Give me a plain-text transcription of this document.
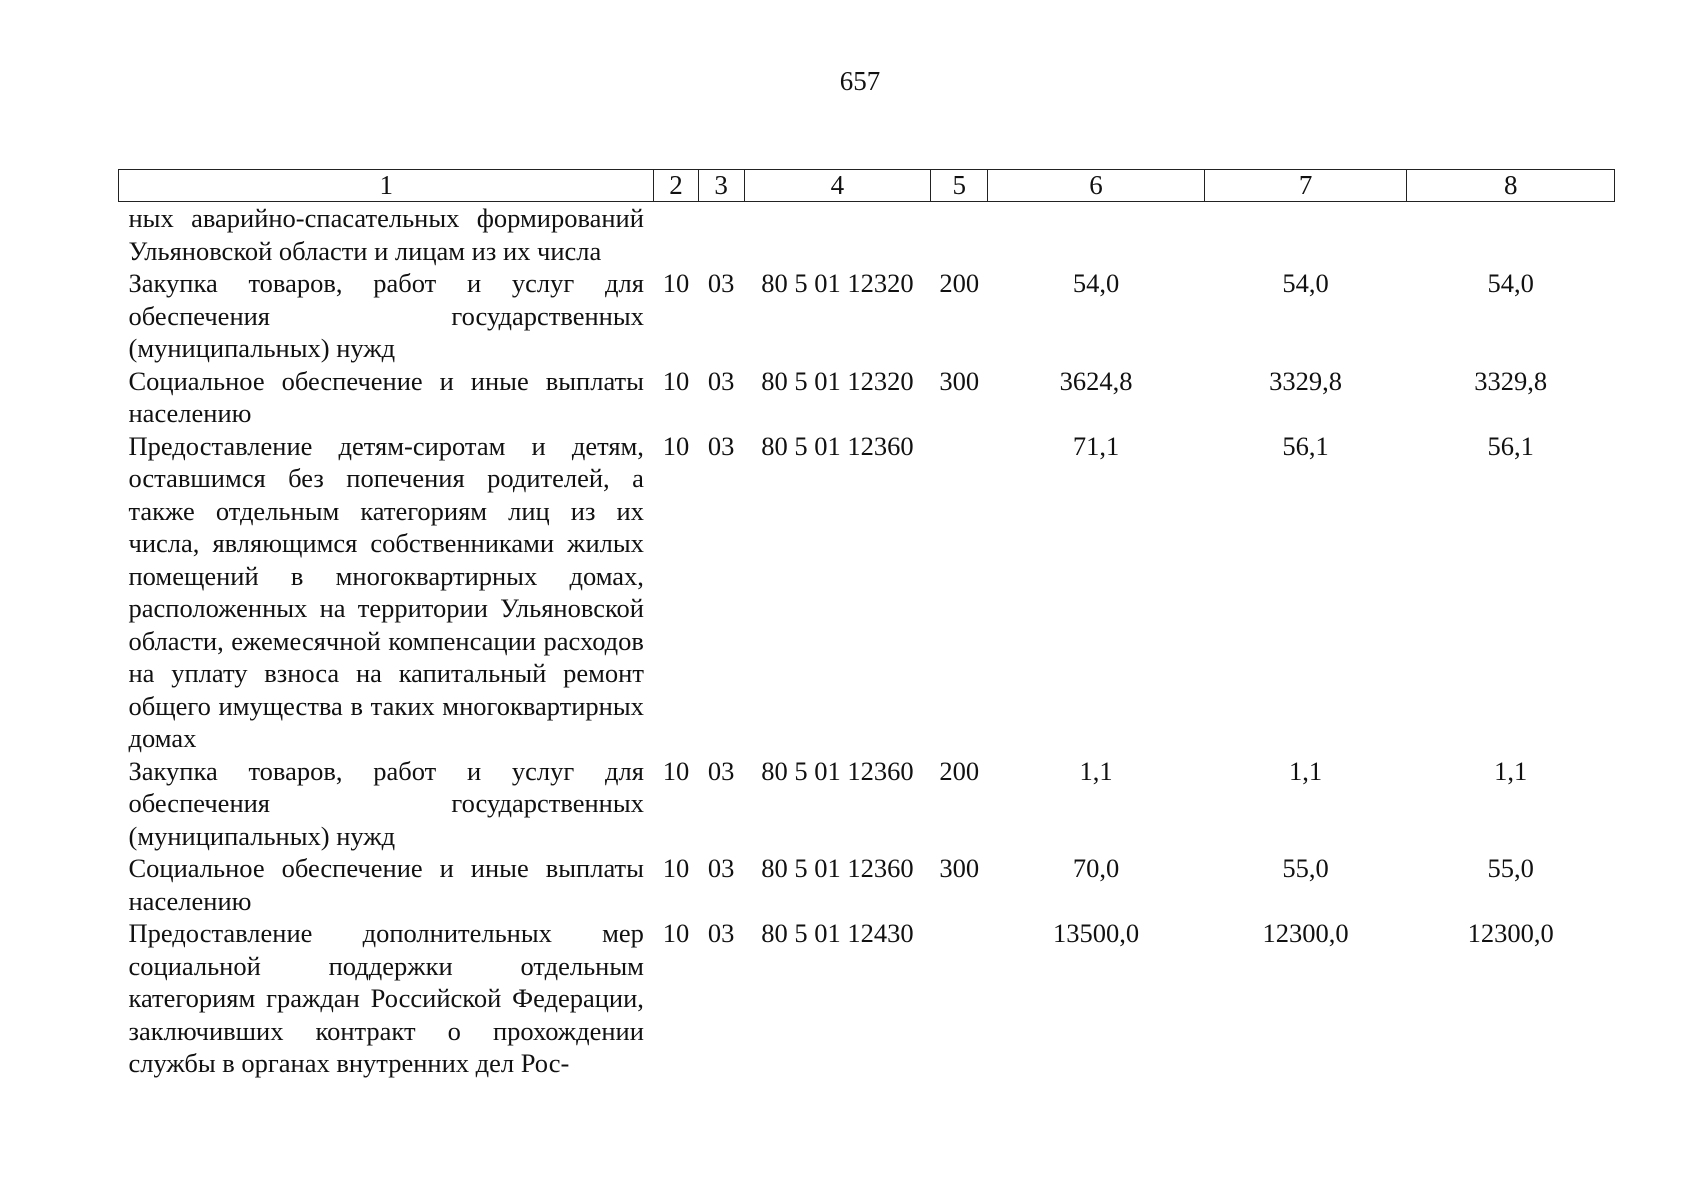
657
1	2	3	4	5	6	7	8
ных аварийно-спасательных формирований Ульяновской области и лицам из их числа							
Закупка товаров, работ и услуг для обеспечения государственных (муниципальных) нужд	10	03	80 5 01 12320	200	54,0	54,0	54,0
Социальное обеспечение и иные выплаты населению	10	03	80 5 01 12320	300	3624,8	3329,8	3329,8
Предоставление детям-сиротам и детям, оставшимся без попечения родителей, а также отдельным категориям лиц из их числа, являющимся собственниками жилых помещений в многоквартирных домах, расположенных на территории Ульяновской области, ежемесячной компенсации расходов на уплату взноса на капитальный ремонт общего имущества в таких многоквартирных домах	10	03	80 5 01 12360		71,1	56,1	56,1
Закупка товаров, работ и услуг для обеспечения государственных (муниципальных) нужд	10	03	80 5 01 12360	200	1,1	1,1	1,1
Социальное обеспечение и иные выплаты населению	10	03	80 5 01 12360	300	70,0	55,0	55,0
Предоставление дополнительных мер социальной поддержки отдельным категориям граждан Российской Федерации, заключивших контракт о прохождении службы в органах внутренних дел Рос-	10	03	80 5 01 12430		13500,0	12300,0	12300,0
